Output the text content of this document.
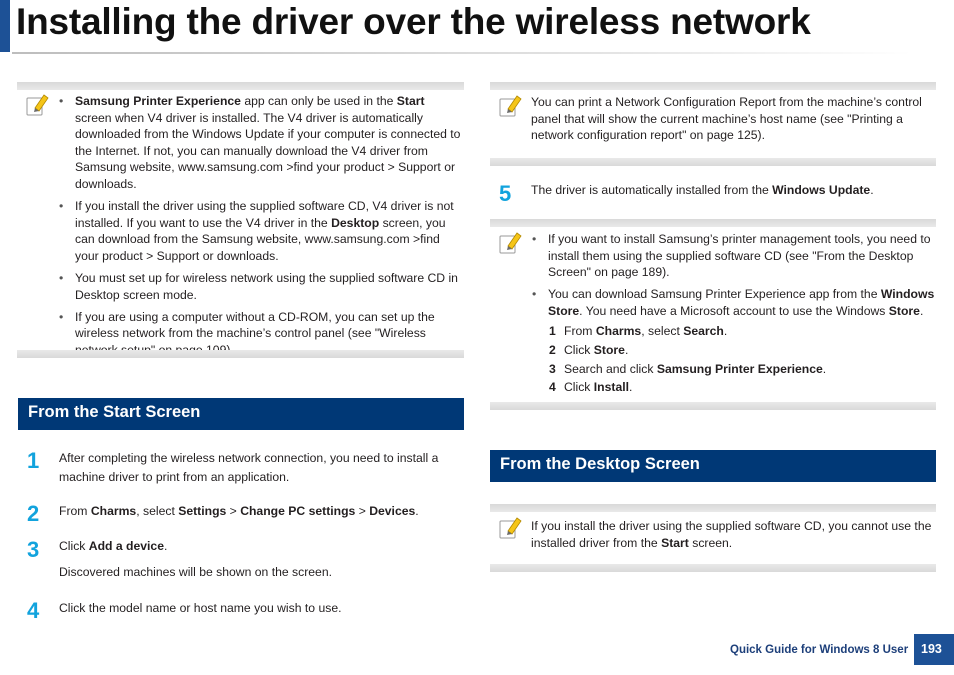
Installing the driver over the wireless network
• Samsung Printer Experience app can only be used in the Start screen when V4 driver is installed. The V4 driver is automatically downloaded from the Windows Update if your computer is connected to the Internet. If not, you can manually download the V4 driver from Samsung website, www.samsung.com >find your product > Support or downloads.
• If you install the driver using the supplied software CD, V4 driver is not installed. If you want to use the V4 driver in the Desktop screen, you can download from the Samsung website, www.samsung.com >find your product > Support or downloads.
• You must set up for wireless network using the supplied software CD in Desktop screen mode.
• If you are using a computer without a CD-ROM, you can set up the wireless network from the machine’s control panel (see "Wireless
From the Start Screen
1	After completing the wireless network connection, you need to install a machine driver to print from an application.
2	From Charms, select Settings > Change PC settings > Devices.
3	Click Add a device.
Discovered machines will be shown on the screen.
4	Click the model name or host name you wish to use.

You can print a Network Configuration Report from the machine’s control panel that will show the current machine’s host name (see "Printing a network configuration report" on page 125).

5	The driver is automatically installed from the Windows Update.
• If you want to install Samsung’s printer management tools, you need to install them using the supplied software CD (see "From the Desktop Screen" on page 189).
• You can download Samsung Printer Experience app from the Windows Store. You need have a Microsoft account to use the Windows Store.
1 From Charms, select Search.
2 Click Store.
3 Search and click Samsung Printer Experience.
4 Click Install.
From the Desktop Screen

If you install the driver using the supplied software CD, you cannot use the installed driver from the Start screen.

Quick Guide for Windows 8 User	193
